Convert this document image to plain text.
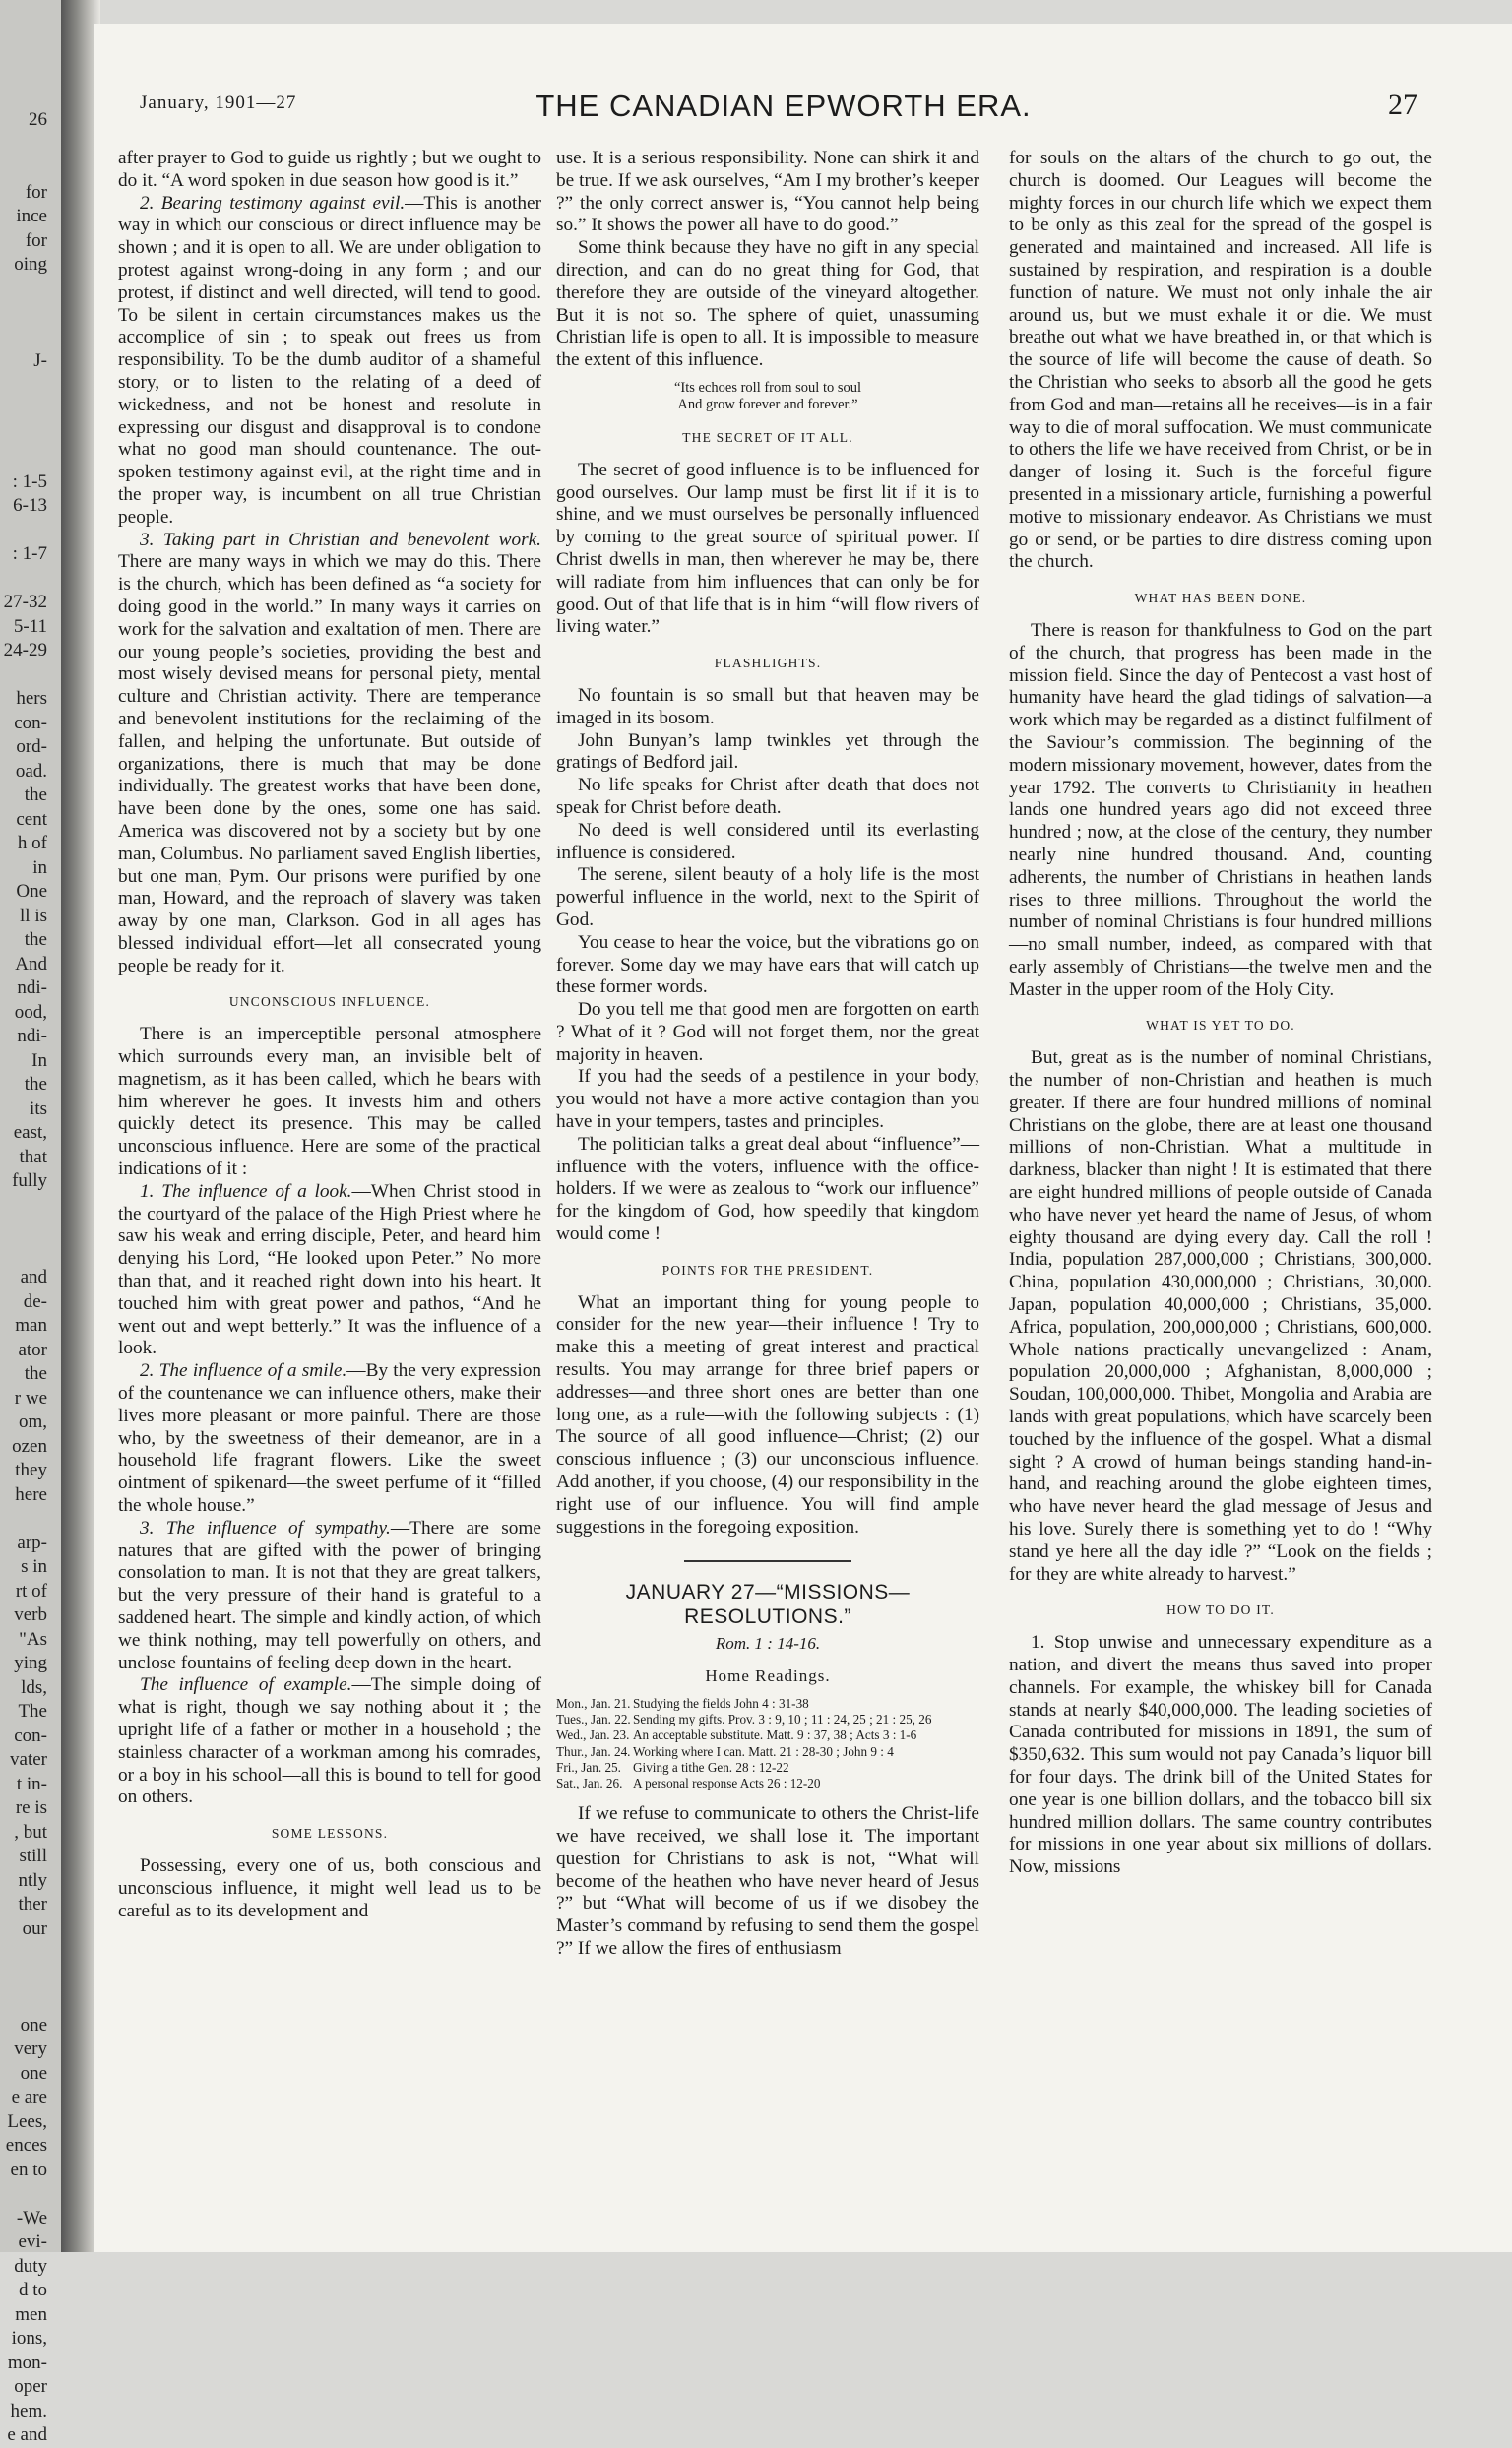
26

for
ince
for
oing

J-

: 1-5
6-13

: 1-7

27-32
5-11
24-29

hers
con-
ord-
oad.
the
cent
h of
in
One
ll is
the
And
ndi-
ood,
ndi-
In
the
its
east,
that
fully

and
de-
man
ator
the
r we
om,
ozen
they
here

arp-
s in
rt of
verb
"As
ying
lds,
The
con-
vater
t in-
re is
, but
still
ntly
ther
our

one
very
one
e are
Lees,
ences
en to

-We
evi-
duty
d to
men
ions,
mon-
oper
hem.
e and
January, 1901—27	THE CANADIAN EPWORTH ERA.	27

after prayer to God to guide us rightly ; but we ought to do it. “A word spoken in due season how good is it.”

2. Bearing testimony against evil.—This is another way in which our conscious or direct influence may be shown ; and it is open to all. We are under obligation to protest against wrong-doing in any form ; and our protest, if distinct and well directed, will tend to good. To be silent in certain circumstances makes us the accomplice of sin ; to speak out frees us from responsibility. To be the dumb auditor of a shameful story, or to listen to the relating of a deed of wickedness, and not be honest and resolute in expressing our disgust and disapproval is to condone what no good man should countenance. The out-spoken testimony against evil, at the right time and in the proper way, is incumbent on all true Christian people.

3. Taking part in Christian and benevolent work. There are many ways in which we may do this. There is the church, which has been defined as “a society for doing good in the world.” In many ways it carries on work for the salvation and exaltation of men. There are our young people’s societies, providing the best and most wisely devised means for personal piety, mental culture and Christian activity. There are temperance and benevolent institutions for the reclaiming of the fallen, and helping the unfortunate. But outside of organizations, there is much that may be done individually. The greatest works that have been done, have been done by the ones, some one has said. America was discovered not by a society but by one man, Columbus. No parliament saved English liberties, but one man, Pym. Our prisons were purified by one man, Howard, and the reproach of slavery was taken away by one man, Clarkson. God in all ages has blessed individual effort—let all consecrated young people be ready for it.

UNCONSCIOUS INFLUENCE.

There is an imperceptible personal atmosphere which surrounds every man, an invisible belt of magnetism, as it has been called, which he bears with him wherever he goes. It invests him and others quickly detect its presence. This may be called unconscious influence. Here are some of the practical indications of it :

1. The influence of a look.—When Christ stood in the courtyard of the palace of the High Priest where he saw his weak and erring disciple, Peter, and heard him denying his Lord, “He looked upon Peter.” No more than that, and it reached right down into his heart. It touched him with great power and pathos, “And he went out and wept betterly.” It was the influence of a look.

2. The influence of a smile.—By the very expression of the countenance we can influence others, make their lives more pleasant or more painful. There are those who, by the sweetness of their demeanor, are in a household life fragrant flowers. Like the sweet ointment of spikenard—the sweet perfume of it “filled the whole house.”

3. The influence of sympathy.—There are some natures that are gifted with the power of bringing consolation to man. It is not that they are great talkers, but the very pressure of their hand is grateful to a saddened heart. The simple and kindly action, of which we think nothing, may tell powerfully on others, and unclose fountains of feeling deep down in the heart.

The influence of example.—The simple doing of what is right, though we say nothing about it ; the upright life of a father or mother in a household ; the stainless character of a workman among his comrades, or a boy in his school—all this is bound to tell for good on others.

SOME LESSONS.

Possessing, every one of us, both conscious and unconscious influence, it might well lead us to be careful as to its development and

use. It is a serious responsibility. None can shirk it and be true. If we ask ourselves, “Am I my brother’s keeper ?” the only correct answer is, “You cannot help being so.” It shows the power all have to do good.”

Some think because they have no gift in any special direction, and can do no great thing for God, that therefore they are outside of the vineyard altogether. But it is not so. The sphere of quiet, unassuming Christian life is open to all. It is impossible to measure the extent of this influence.

“Its echoes roll from soul to soul
And grow forever and forever.”
THE SECRET OF IT ALL.

The secret of good influence is to be influenced for good ourselves. Our lamp must be first lit if it is to shine, and we must ourselves be personally influenced by coming to the great source of spiritual power. If Christ dwells in man, then wherever he may be, there will radiate from him influences that can only be for good. Out of that life that is in him “will flow rivers of living water.”

FLASHLIGHTS.

No fountain is so small but that heaven may be imaged in its bosom.

John Bunyan’s lamp twinkles yet through the gratings of Bedford jail.

No life speaks for Christ after death that does not speak for Christ before death.

No deed is well considered until its everlasting influence is considered.

The serene, silent beauty of a holy life is the most powerful influence in the world, next to the Spirit of God.

You cease to hear the voice, but the vibrations go on forever. Some day we may have ears that will catch up these former words.

Do you tell me that good men are forgotten on earth ? What of it ? God will not forget them, nor the great majority in heaven.

If you had the seeds of a pestilence in your body, you would not have a more active contagion than you have in your tempers, tastes and principles.

The politician talks a great deal about “influence”—influence with the voters, influence with the office-holders. If we were as zealous to “work our influence” for the kingdom of God, how speedily that kingdom would come !

POINTS FOR THE PRESIDENT.

What an important thing for young people to consider for the new year—their influence ! Try to make this a meeting of great interest and practical results. You may arrange for three brief papers or addresses—and three short ones are better than one long one, as a rule—with the following subjects : (1) The source of all good influence—Christ; (2) our conscious influence ; (3) our unconscious influence. Add another, if you choose, (4) our responsibility in the right use of our influence. You will find ample suggestions in the foregoing exposition.

JANUARY 27—“MISSIONS—RESOLUTIONS.”
Rom. 1 : 14-16.
Home Readings.
Mon., Jan. 21. Studying the fields John 4 : 31-38
Tues., Jan. 22. Sending my gifts. Prov. 3 : 9, 10 ; 11 : 24, 25 ; 21 : 25, 26
Wed., Jan. 23. An acceptable substitute. Matt. 9 : 37, 38 ; Acts 3 : 1-6
Thur., Jan. 24. Working where I can. Matt. 21 : 28-30 ; John 9 : 4
Fri., Jan. 25. Giving a tithe Gen. 28 : 12-22
Sat., Jan. 26. A personal response Acts 26 : 12-20

If we refuse to communicate to others the Christ-life we have received, we shall lose it. The important question for Christians to ask is not, “What will become of the heathen who have never heard of Jesus ?” but “What will become of us if we disobey the Master’s command by refusing to send them the gospel ?” If we allow the fires of enthusiasm

for souls on the altars of the church to go out, the church is doomed. Our Leagues will become the mighty forces in our church life which we expect them to be only as this zeal for the spread of the gospel is generated and maintained and increased. All life is sustained by respiration, and respiration is a double function of nature. We must not only inhale the air around us, but we must exhale it or die. We must breathe out what we have breathed in, or that which is the source of life will become the cause of death. So the Christian who seeks to absorb all the good he gets from God and man—retains all he receives—is in a fair way to die of moral suffocation. We must communicate to others the life we have received from Christ, or be in danger of losing it. Such is the forceful figure presented in a missionary article, furnishing a powerful motive to missionary endeavor. As Christians we must go or send, or be parties to dire distress coming upon the church.

WHAT HAS BEEN DONE.

There is reason for thankfulness to God on the part of the church, that progress has been made in the mission field. Since the day of Pentecost a vast host of humanity have heard the glad tidings of salvation—a work which may be regarded as a distinct fulfilment of the Saviour’s commission. The beginning of the modern missionary movement, however, dates from the year 1792. The converts to Christianity in heathen lands one hundred years ago did not exceed three hundred ; now, at the close of the century, they number nearly nine hundred thousand. And, counting adherents, the number of Christians in heathen lands rises to three millions. Throughout the world the number of nominal Christians is four hundred millions—no small number, indeed, as compared with that early assembly of Christians—the twelve men and the Master in the upper room of the Holy City.

WHAT IS YET TO DO.

But, great as is the number of nominal Christians, the number of non-Christian and heathen is much greater. If there are four hundred millions of nominal Christians on the globe, there are at least one thousand millions of non-Christian. What a multitude in darkness, blacker than night ! It is estimated that there are eight hundred millions of people outside of Canada who have never yet heard the name of Jesus, of whom eighty thousand are dying every day. Call the roll ! India, population 287,000,000 ; Christians, 300,000. China, population 430,000,000 ; Christians, 30,000. Japan, population 40,000,000 ; Christians, 35,000. Africa, population, 200,000,000 ; Christians, 600,000. Whole nations practically unevangelized : Anam, population 20,000,000 ; Afghanistan, 8,000,000 ; Soudan, 100,000,000. Thibet, Mongolia and Arabia are lands with great populations, which have scarcely been touched by the influence of the gospel. What a dismal sight ? A crowd of human beings standing hand-in-hand, and reaching around the globe eighteen times, who have never heard the glad message of Jesus and his love. Surely there is something yet to do ! “Why stand ye here all the day idle ?” “Look on the fields ; for they are white already to harvest.”

HOW TO DO IT.

1. Stop unwise and unnecessary expenditure as a nation, and divert the means thus saved into proper channels. For example, the whiskey bill for Canada stands at nearly $40,000,000. The leading societies of Canada contributed for missions in 1891, the sum of $350,632. This sum would not pay Canada’s liquor bill for four days. The drink bill of the United States for one year is one billion dollars, and the tobacco bill six hundred million dollars. The same country contributes for missions in one year about six millions of dollars. Now, missions
